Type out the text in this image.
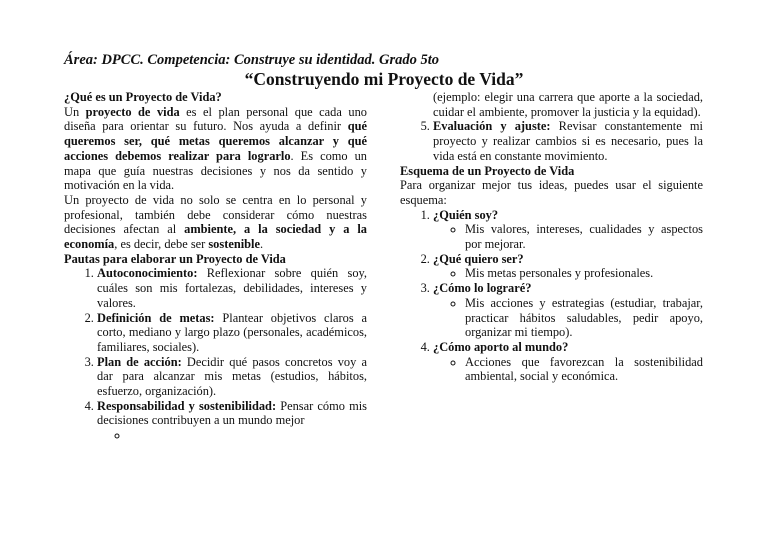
Área: DPCC. Competencia: Construye su identidad. Grado 5to
“Construyendo mi Proyecto de Vida”

¿Qué es un Proyecto de Vida?

Un proyecto de vida es el plan personal que cada uno diseña para orientar su futuro. Nos ayuda a definir qué queremos ser, qué metas queremos alcanzar y qué acciones debemos realizar para lograrlo. Es como un mapa que guía nuestras decisiones y nos da sentido y motivación en la vida.

Un proyecto de vida no solo se centra en lo personal y profesional, también debe considerar cómo nuestras decisiones afectan al ambiente, a la sociedad y a la economía, es decir, debe ser sostenible.

Pautas para elaborar un Proyecto de Vida

1. Autoconocimiento: Reflexionar sobre quién soy, cuáles son mis fortalezas, debilidades, intereses y valores.
2. Definición de metas: Plantear objetivos claros a corto, mediano y largo plazo (personales, académicos, familiares, sociales).
3. Plan de acción: Decidir qué pasos concretos voy a dar para alcanzar mis metas (estudios, hábitos, esfuerzo, organización).
4. Responsabilidad y sostenibilidad: Pensar cómo mis decisiones contribuyen a un mundo mejor
◦

(ejemplo: elegir una carrera que aporte a la sociedad, cuidar el ambiente, promover la justicia y la equidad).

5. Evaluación y ajuste: Revisar constantemente mi proyecto y realizar cambios si es necesario, pues la vida está en constante movimiento.

Esquema de un Proyecto de Vida

Para organizar mejor tus ideas, puedes usar el siguiente esquema:

1. ¿Quién soy?
◦ Mis valores, intereses, cualidades y aspectos por mejorar.
2. ¿Qué quiero ser?
◦ Mis metas personales y profesionales.
3. ¿Cómo lo lograré?
◦ Mis acciones y estrategias (estudiar, trabajar, practicar hábitos saludables, pedir apoyo, organizar mi tiempo).
4. ¿Cómo aporto al mundo?
◦ Acciones que favorezcan la sostenibilidad ambiental, social y económica.
